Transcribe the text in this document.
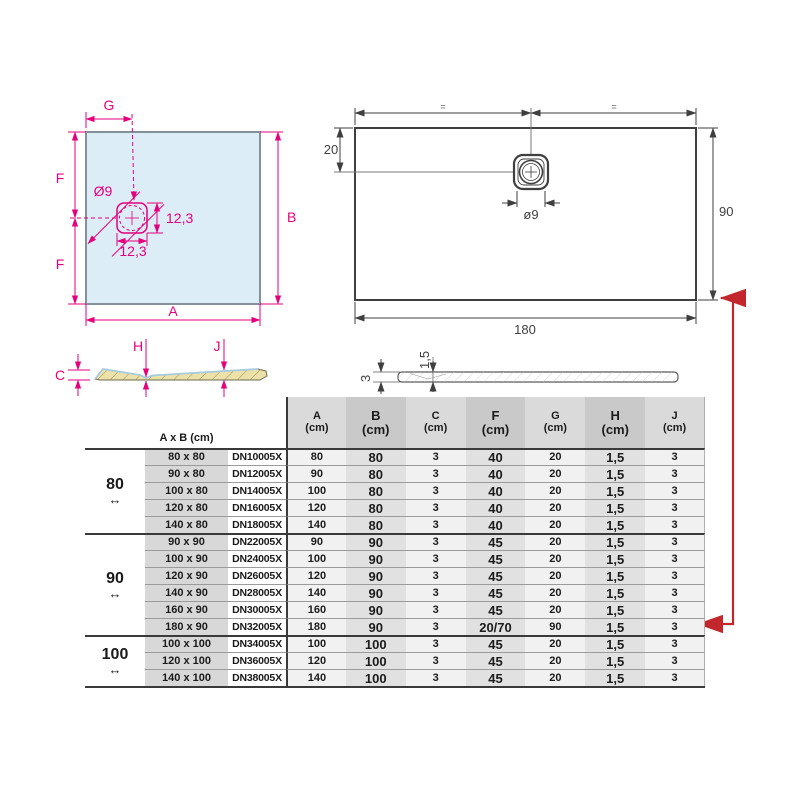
Ø9
G
F
F
B
A
12,3
12,3
=	=
20
ø9	90
180
C
H	J
3
1,5
A x B (cm)
A
(cm)
B
(cm)
C
(cm)
F
(cm)
G
(cm)
H
(cm)
J
(cm)
80
↔
80 x 80	DN10005X	80	80	3	40	20	1,5	3
90 x 80	DN12005X	90	80	3	40	20	1,5	3
100 x 80	DN14005X	100	80	3	40	20	1,5	3
120 x 80	DN16005X	120	80	3	40	20	1,5	3
140 x 80	DN18005X	140	80	3	40	20	1,5	3
90
↔
90 x 90	DN22005X	90	90	3	45	20	1,5	3
100 x 90	DN24005X	100	90	3	45	20	1,5	3
120 x 90	DN26005X	120	90	3	45	20	1,5	3
140 x 90	DN28005X	140	90	3	45	20	1,5	3
160 x 90	DN30005X	160	90	3	45	20	1,5	3
180 x 90	DN32005X	180	90	3	20/70	90	1,5	3
100
↔
100 x 100	DN34005X	100	100	3	45	20	1,5	3
120 x 100	DN36005X	120	100	3	45	20	1,5	3
140 x 100	DN38005X	140	100	3	45	20	1,5	3
